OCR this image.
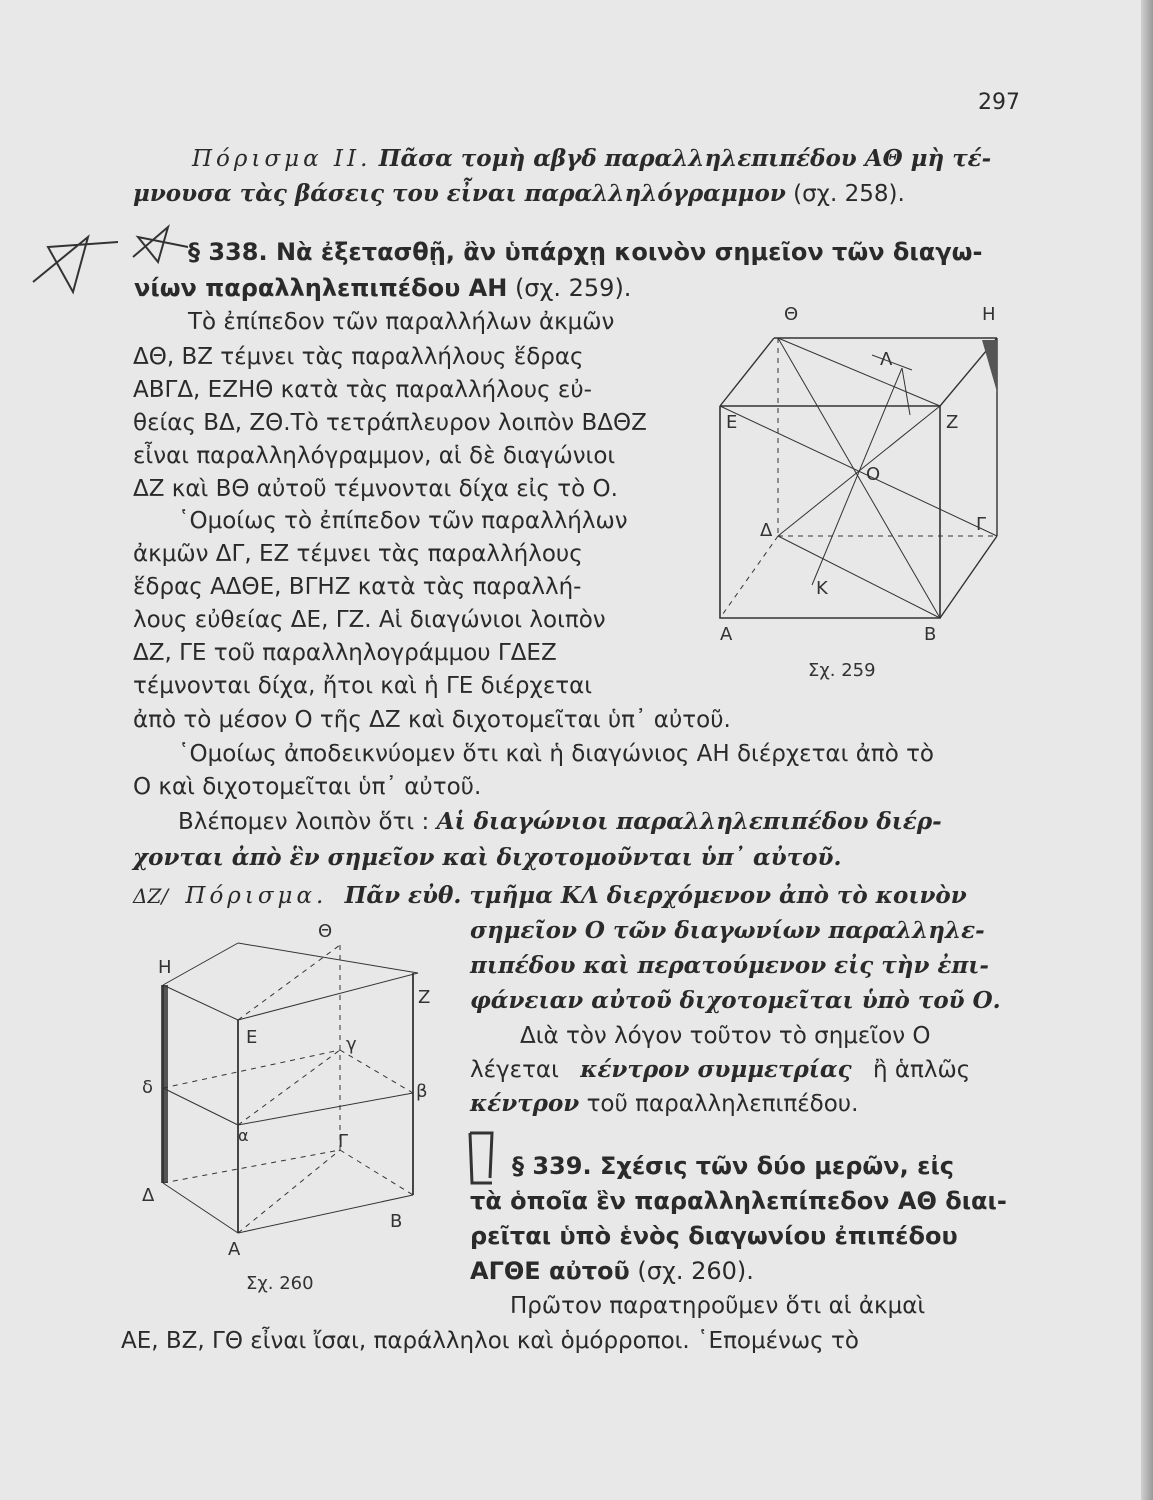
297
Πόρισμα II. Πᾶσα τομὴ αβγδ παραλληλεπιπέδου ΑΘ μὴ τέ-
μνουσα τὰς βάσεις του εἶναι παραλληλόγραμμον (σχ. 258).
§ 338. Νὰ ἐξετασθῇ, ἂν ὑπάρχῃ κοινὸν σημεῖον τῶν διαγω-
νίων παραλληλεπιπέδου ΑΗ (σχ. 259).
Τὸ ἐπίπεδον τῶν παραλλήλων ἀκμῶν
ΔΘ, ΒΖ τέμνει τὰς παραλλήλους ἕδρας
ΑΒΓΔ, ΕΖΗΘ κατὰ τὰς παραλλήλους εὐ-
θείας ΒΔ, ΖΘ.Τὸ τετράπλευρον λοιπὸν ΒΔΘΖ
εἶναι παραλληλόγραμμον, αἱ δὲ διαγώνιοι
ΔΖ καὶ ΒΘ αὐτοῦ τέμνονται δίχα εἰς τὸ Ο.
῾Ομοίως τὸ ἐπίπεδον τῶν παραλλήλων
ἀκμῶν ΔΓ, ΕΖ τέμνει τὰς παραλλήλους
ἕδρας ΑΔΘΕ, ΒΓΗΖ κατὰ τὰς παραλλή-
λους εὐθείας ΔΕ, ΓΖ. Αἱ διαγώνιοι λοιπὸν
ΔΖ, ΓΕ τοῦ παραλληλογράμμου ΓΔΕΖ
τέμνονται δίχα, ἤτοι καὶ ἡ ΓΕ διέρχεται
ἀπὸ τὸ μέσον Ο τῆς ΔΖ καὶ διχοτομεῖται ὑπ᾽ αὐτοῦ.
῾Ομοίως ἀποδεικνύομεν ὅτι καὶ ἡ διαγώνιος ΑΗ διέρχεται ἀπὸ τὸ
Ο καὶ διχοτομεῖται ὑπ᾽ αὐτοῦ.
Βλέπομεν λοιπὸν ὅτι : Αἱ διαγώνιοι παραλληλεπιπέδου διέρ-
χονται ἀπὸ ἓν σημεῖον καὶ διχοτομοῦνται ὑπ᾽ αὐτοῦ.
ΔΖ/ Πόρισμα. Πᾶν εὐθ. τμῆμα ΚΛ διερχόμενον ἀπὸ τὸ κοινὸν
σημεῖον Ο τῶν διαγωνίων παραλληλε-
πιπέδου καὶ περατούμενον εἰς τὴν ἐπι-
φάνειαν αὐτοῦ διχοτομεῖται ὑπὸ τοῦ Ο.
Διὰ τὸν λόγον τοῦτον τὸ σημεῖον Ο
λέγεται κέντρον συμμετρίας ἢ ἁπλῶς
κέντρον τοῦ παραλληλεπιπέδου.
§ 339. Σχέσις τῶν δύο μερῶν, εἰς
τὰ ὁποῖα ἓν παραλληλεπίπεδον ΑΘ διαι-
ρεῖται ὑπὸ ἑνὸς διαγωνίου ἐπιπέδου
ΑΓΘΕ αὐτοῦ (σχ. 260).
Πρῶτον παρατηροῦμεν ὅτι αἱ ἀκμαὶ
ΑΕ, ΒΖ, ΓΘ εἶναι ἴσαι, παράλληλοι καὶ ὁμόρροποι. ῾Επομένως τὸ
Θ	Η
Ε	Ζ
Λ
Ο
Δ	Γ
Κ
Α	Β
Σχ. 259
Θ
Η
Ζ
Ε	γ
δ	β
α	Γ
Δ
Β
Α
Σχ. 260
